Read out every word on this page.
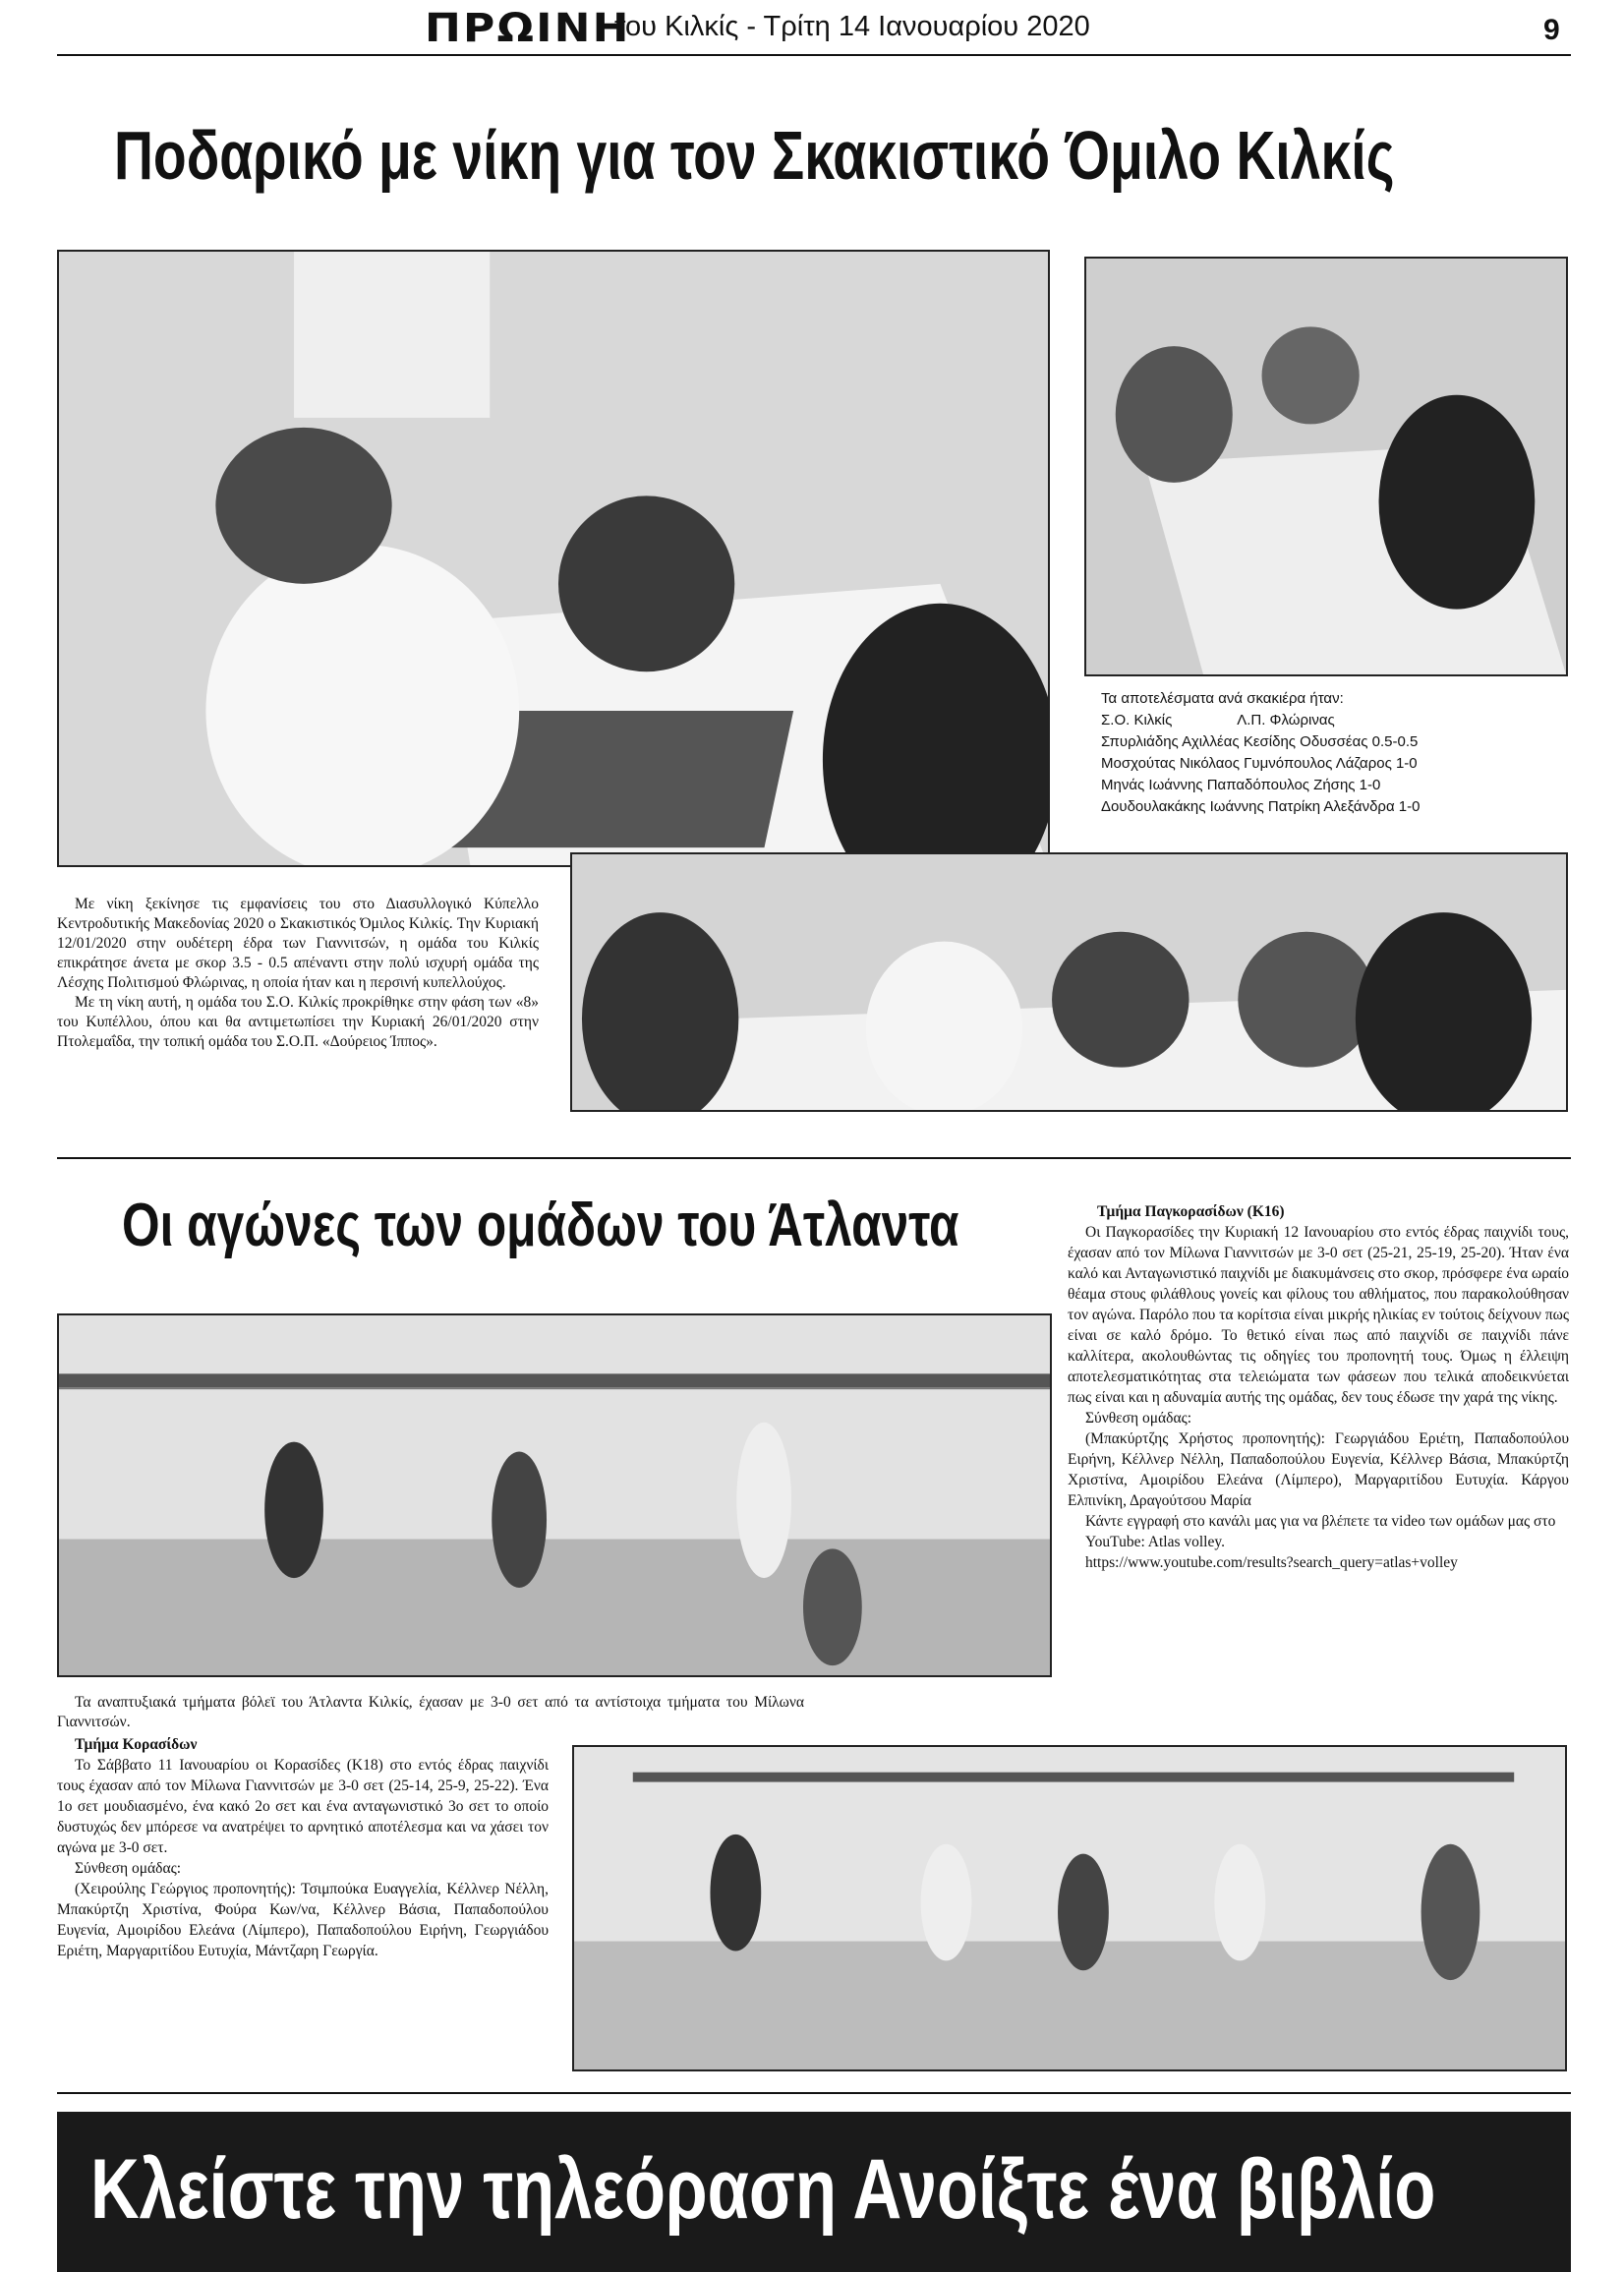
ΠΡΩΙΝΗ
του Κιλκίς - Τρίτη 14 Ιανουαρίου 2020	9
Ποδαρικό με νίκη για τον Σκακιστικό Όμιλο Κιλκίς
Τα αποτελέσματα ανά σκακιέρα ήταν:
Σ.Ο. Κιλκίς                Λ.Π. Φλώρινας
Σπυρλιάδης Αχιλλέας Κεσίδης Οδυσσέας 0.5-0.5
Μοσχούτας Νικόλαος Γυμνόπουλος Λάζαρος 1-0
Μηνάς Ιωάννης Παπαδόπουλος Ζήσης 1-0
Δουδουλακάκης Ιωάννης Πατρίκη Αλεξάνδρα 1-0

Με νίκη ξεκίνησε τις εμφανίσεις του στο Διασυλλογικό Κύπελλο Κεντροδυτικής Μακεδονίας 2020 ο Σκακιστικός Όμιλος Κιλκίς. Την Κυριακή 12/01/2020 στην ουδέτερη έδρα των Γιαννιτσών, η ομάδα του Κιλκίς επικράτησε άνετα με σκορ 3.5 - 0.5 απέναντι στην πολύ ισχυρή ομάδα της Λέσχης Πολιτισμού Φλώρινας, η οποία ήταν και η περσινή κυπελλούχος.

Με τη νίκη αυτή, η ομάδα του Σ.Ο. Κιλκίς προκρίθηκε στην φάση των «8» του Κυπέλλου, όπου και θα αντιμετωπίσει την Κυριακή 26/01/2020 στην Πτολεμαΐδα, την τοπική ομάδα του Σ.Ο.Π. «Δούρειος Ίππος».

Οι αγώνες των ομάδων του Άτλαντα	Τμήμα Παγκορασίδων (Κ16)

Οι Παγκορασίδες την Κυριακή 12 Ιανουαρίου στο εντός έδρας παιχνίδι τους, έχασαν από τον Μίλωνα Γιαννιτσών με 3-0 σετ (25-21, 25-19, 25-20). Ήταν ένα καλό και Ανταγωνιστικό παιχνίδι με διακυμάνσεις στο σκορ, πρόσφερε ένα ωραίο θέαμα στους φιλάθλους γονείς και φίλους του αθλήματος, που παρακολούθησαν τον αγώνα. Παρόλο που τα κορίτσια είναι μικρής ηλικίας εν τούτοις δείχνουν πως είναι σε καλό δρόμο. Το θετικό είναι πως από παιχνίδι σε παιχνίδι πάνε καλλίτερα, ακολουθώντας τις οδηγίες του προπονητή τους. Όμως η έλλειψη αποτελεσματικότητας στα τελειώματα των φάσεων που τελικά αποδεικνύεται πως είναι και η αδυναμία αυτής της ομάδας, δεν τους έδωσε την χαρά της νίκης.

Σύνθεση ομάδας:

(Μπακύρτζης Χρήστος προπονητής): Γεωργιάδου Εριέτη, Παπαδοπούλου Ειρήνη, Κέλλνερ Νέλλη, Παπαδοπούλου Ευγενία, Κέλλνερ Βάσια, Μπακύρτζη Χριστίνα, Αμοιρίδου Ελεάνα (Λίμπερο), Μαργαριτίδου Ευτυχία. Κάργου Ελπινίκη, Δραγούτσου Μαρία

Κάντε εγγραφή στο κανάλι μας για να βλέπετε τα video των ομάδων μας στο

YouTube: Atlas volley.

https://www.youtube.com/results?search_query=atlas+volley

Τα αναπτυξιακά τμήματα βόλεϊ του Άτλαντα Κιλκίς, έχασαν με 3-0 σετ από τα αντίστοιχα τμήματα του Μίλωνα Γιαννιτσών.

Τμήμα Κορασίδων

Το Σάββατο 11 Ιανουαρίου οι Κορασίδες (Κ18) στο εντός έδρας παιχνίδι τους έχασαν από τον Μίλωνα Γιαννιτσών με 3-0 σετ (25-14, 25-9, 25-22). Ένα 1ο σετ μουδιασμένο, ένα κακό 2ο σετ και ένα ανταγωνιστικό 3ο σετ το οποίο δυστυχώς δεν μπόρεσε να ανατρέψει το αρνητικό αποτέλεσμα και να χάσει τον αγώνα με 3-0 σετ.

Σύνθεση ομάδας:

(Χειρούλης Γεώργιος προπονητής): Τσιμπούκα Ευαγγελία, Κέλλνερ Νέλλη, Μπακύρτζη Χριστίνα, Φούρα Κων/να, Κέλλνερ Βάσια, Παπαδοπούλου Ευγενία, Αμοιρίδου Ελεάνα (Λίμπερο), Παπαδοπούλου Ειρήνη, Γεωργιάδου Εριέτη, Μαργαριτίδου Ευτυχία, Μάντζαρη Γεωργία.

Κλείστε την τηλεόραση Ανοίξτε ένα βιβλίο
